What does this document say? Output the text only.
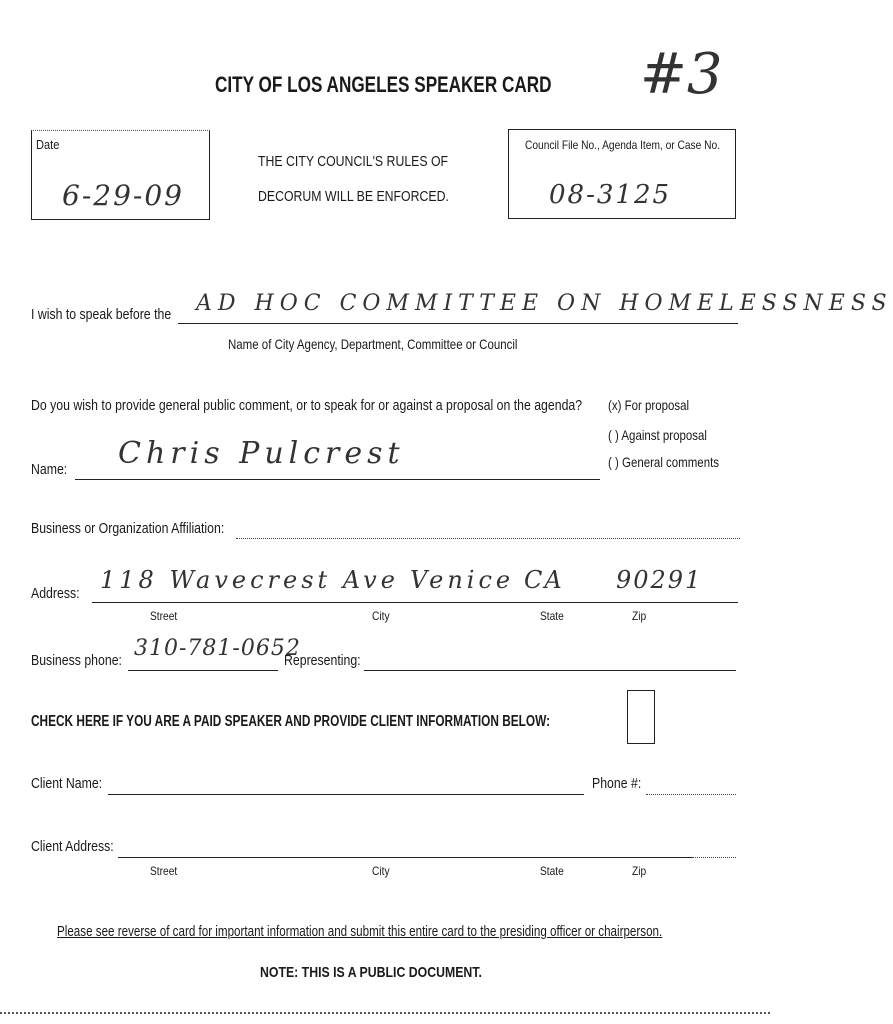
CITY OF LOS ANGELES SPEAKER CARD #3
Date
6-29-09
THE CITY COUNCIL'S RULES OF
DECORUM WILL BE ENFORCED.
Council File No., Agenda Item, or Case No.
08-3125
I wish to speak before the AD HOC COMMITTEE ON HOMELESSNESS
Name of City Agency, Department, Committee or Council
Do you wish to provide general public comment, or to speak for or against a proposal on the agenda? (x) For proposal
( ) Against proposal
( ) General comments
Name: Chris Pulcrest
Business or Organization Affiliation:
Address: 118 Wavecrest Ave Venice CA 90291
Street	City	State	Zip
Business phone: 310-781-0652
Representing:
CHECK HERE IF YOU ARE A PAID SPEAKER AND PROVIDE CLIENT INFORMATION BELOW:
Client Name:	Phone #:
Client Address:
Street	City	State	Zip
Please see reverse of card for important information and submit this entire card to the presiding officer or chairperson.
NOTE: THIS IS A PUBLIC DOCUMENT.
